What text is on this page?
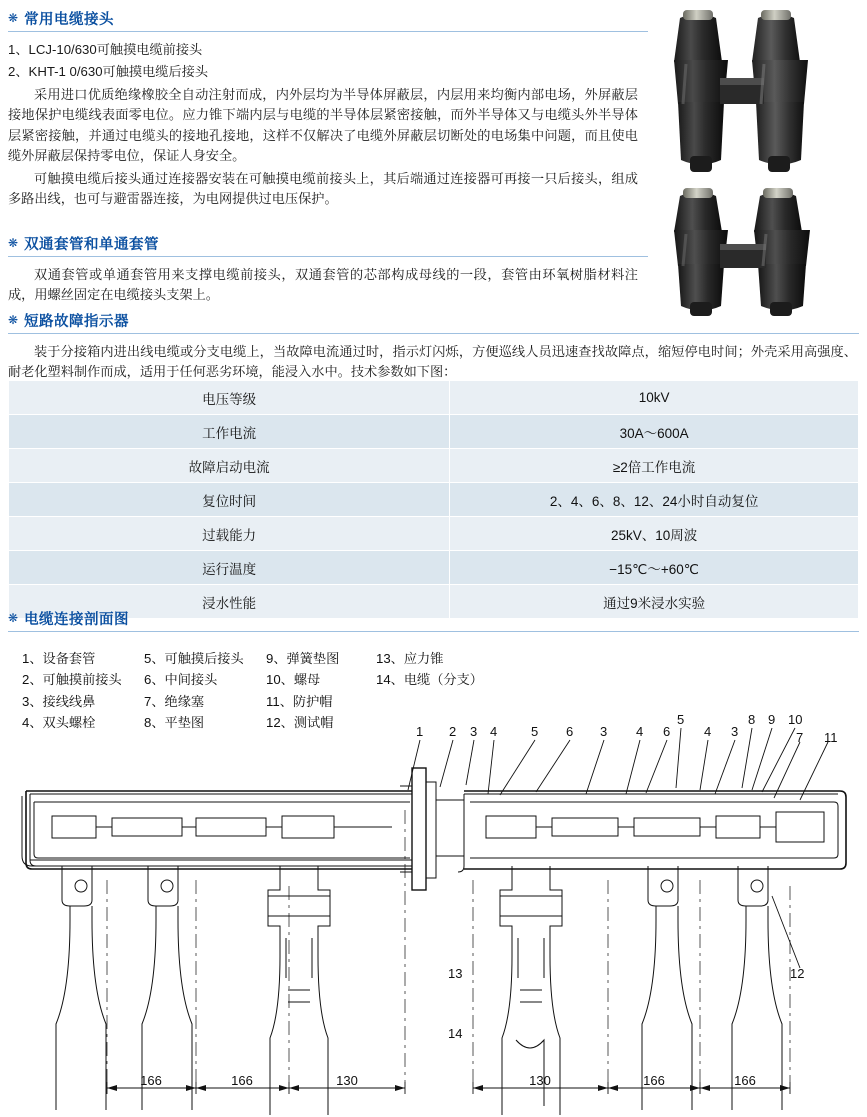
❋ 常用电缆接头

1、LCJ-10/630可触摸电缆前接头

2、KHT-1 0/630可触摸电缆后接头

采用进口优质绝缘橡胶全自动注射而成，内外层均为半导体屏蔽层，内层用来均衡内部电场，外屏蔽层接地保护电缆线表面零电位。应力锥下端内层与电缆的半导体层紧密接触，而外半导体又与电缆头外半导体层紧密接触，并通过电缆头的接地孔接地，这样不仅解决了电缆外屏蔽层切断处的电场集中问题，而且使电缆外屏蔽层保持零电位，保证人身安全。

可触摸电缆后接头通过连接器安装在可触摸电缆前接头上，其后端通过连接器可再接一只后接头，组成多路出线，也可与避雷器连接，为电网提供过电压保护。

❋ 双通套管和单通套管

双通套管或单通套管用来支撑电缆前接头，双通套管的芯部构成母线的一段，套管由环氧树脂材料注成，用螺丝固定在电缆接头支架上。

❋ 短路故障指示器

装于分接箱内进出线电缆或分支电缆上，当故障电流通过时，指示灯闪烁，方便巡线人员迅速查找故障点，缩短停电时间；外壳采用高强度、耐老化塑料制作而成，适用于任何恶劣环境，能浸入水中。技术参数如下图：

电压等级	10kV
工作电流	30A～600A
故障启动电流	≥2倍工作电流
复位时间	2、4、6、8、12、24小时自动复位
过载能力	25kV、10周波
运行温度	−15℃～+60℃
浸水性能	通过9米浸水实验
❋ 电缆连接剖面图
1、设备套管
2、可触摸前接头
3、接线线鼻
4、双头螺栓
5、可触摸后接头
6、中间接头
7、绝缘塞
8、平垫图
9、弹簧垫图
10、螺母
11、防护帽
12、测试帽
13、应力锥
14、电缆（分支）
1 2 3 4	5 6 3 4 6	4 3
5	8 9 10
7 11
13
14
12
166	166	130	130	166	166
